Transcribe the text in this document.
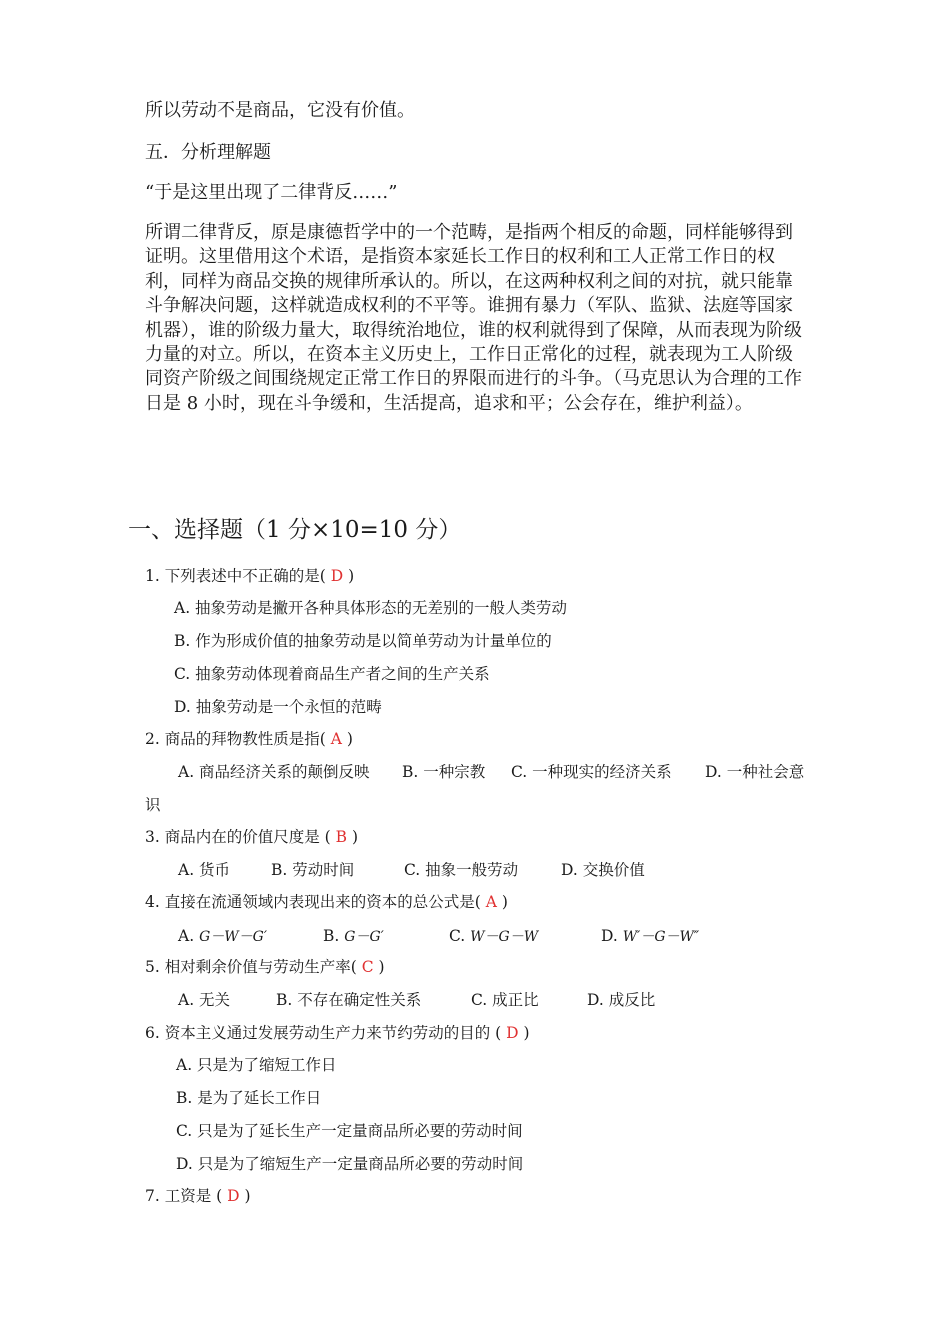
所以劳动不是商品，它没有价值。
五．分析理解题
“于是这里出现了二律背反……”
所谓二律背反，原是康德哲学中的一个范畴，是指两个相反的命题，同样能够得到证明。这里借用这个术语，是指资本家延长工作日的权利和工人正常工作日的权利，同样为商品交换的规律所承认的。所以，在这两种权利之间的对抗，就只能靠斗争解决问题，这样就造成权利的不平等。谁拥有暴力（军队、监狱、法庭等国家机器），谁的阶级力量大，取得统治地位，谁的权利就得到了保障，从而表现为阶级力量的对立。所以，在资本主义历史上，工作日正常化的过程，就表现为工人阶级同资产阶级之间围绕规定正常工作日的界限而进行的斗争。（马克思认为合理的工作日是 8 小时，现在斗争缓和，生活提高，追求和平；公会存在，维护利益）。
一、选择题（1 分×10=10 分）
1. 下列表述中不正确的是( D )
A. 抽象劳动是撇开各种具体形态的无差别的一般人类劳动
B. 作为形成价值的抽象劳动是以简单劳动为计量单位的
C. 抽象劳动体现着商品生产者之间的生产关系
D. 抽象劳动是一个永恒的范畴
2. 商品的拜物教性质是指( A )
A. 商品经济关系的颠倒反映 B. 一种宗教 C. 一种现实的经济关系 D. 一种社会意
识
3. 商品内在的价值尺度是 ( B )
A. 货币	B. 劳动时间	C. 抽象一般劳动	D. 交换价值
4. 直接在流通领域内表现出来的资本的总公式是( A )
A. G－W－G′	B. G－G′	C. W－G－W	D. W′－G－W″
5. 相对剩余价值与劳动生产率( C )
A. 无关	B. 不存在确定性关系	C. 成正比	D. 成反比
6. 资本主义通过发展劳动生产力来节约劳动的目的 ( D )
A. 只是为了缩短工作日
B. 是为了延长工作日
C. 只是为了延长生产一定量商品所必要的劳动时间
D. 只是为了缩短生产一定量商品所必要的劳动时间
7. 工资是 ( D )
